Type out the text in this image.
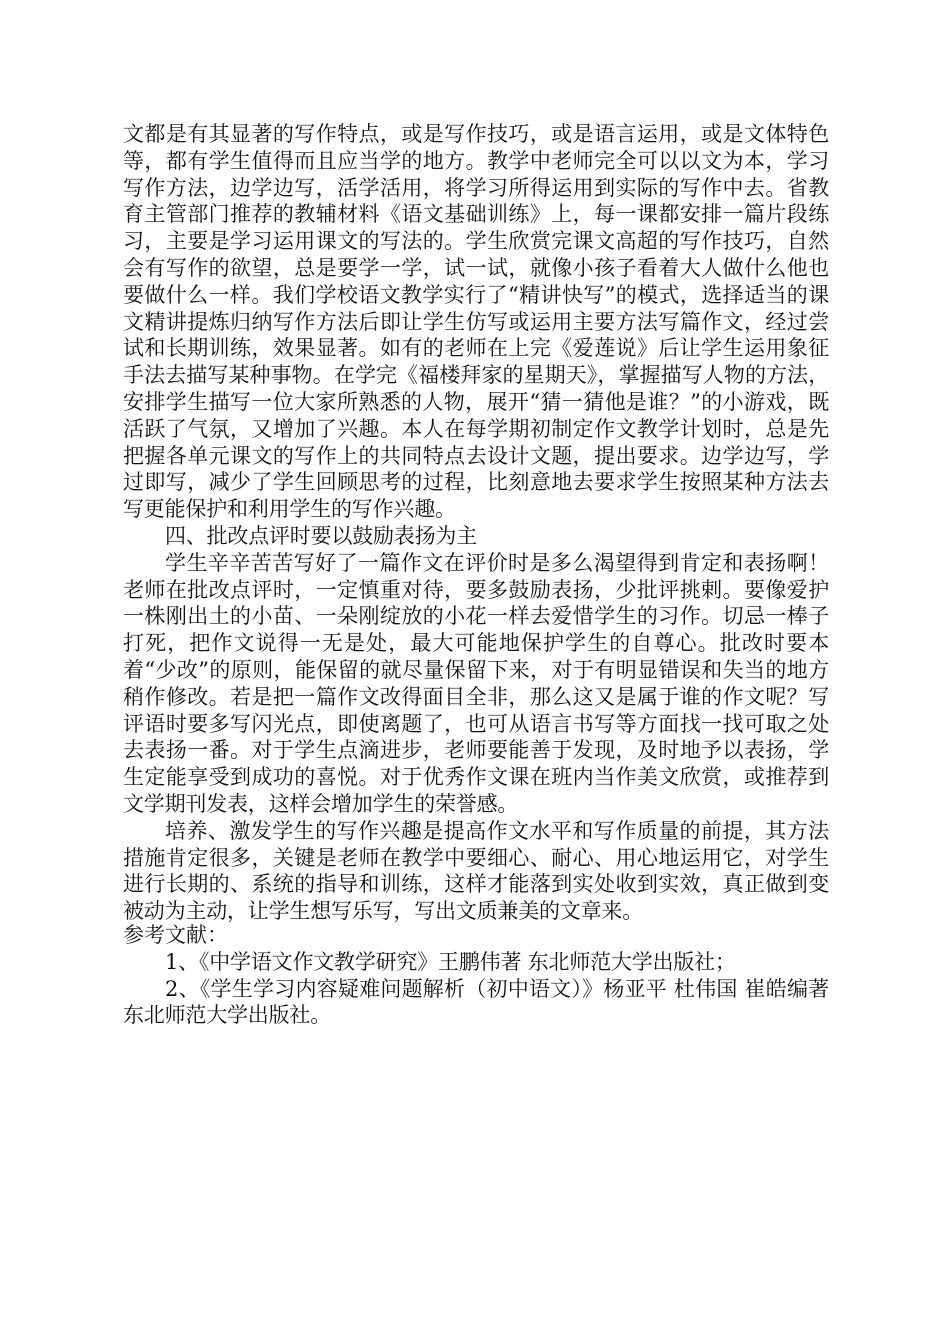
文都是有其显著的写作特点，或是写作技巧，或是语言运用，或是文体特色等，都有学生值得而且应当学的地方。教学中老师完全可以以文为本，学习写作方法，边学边写，活学活用，将学习所得运用到实际的写作中去。省教育主管部门推荐的教辅材料《语文基础训练》上，每一课都安排一篇片段练习，主要是学习运用课文的写法的。学生欣赏完课文高超的写作技巧，自然会有写作的欲望，总是要学一学，试一试，就像小孩子看着大人做什么他也要做什么一样。我们学校语文教学实行了“精讲快写”的模式，选择适当的课文精讲提炼归纳写作方法后即让学生仿写或运用主要方法写篇作文，经过尝试和长期训练，效果显著。如有的老师在上完《爱莲说》后让学生运用象征手法去描写某种事物。在学完《福楼拜家的星期天》，掌握描写人物的方法，安排学生描写一位大家所熟悉的人物，展开“猜一猜他是谁？”的小游戏，既活跃了气氛，又增加了兴趣。本人在每学期初制定作文教学计划时，总是先把握各单元课文的写作上的共同特点去设计文题，提出要求。边学边写，学过即写，减少了学生回顾思考的过程，比刻意地去要求学生按照某种方法去写更能保护和利用学生的写作兴趣。

四、批改点评时要以鼓励表扬为主

学生辛辛苦苦写好了一篇作文在评价时是多么渴望得到肯定和表扬啊！老师在批改点评时，一定慎重对待，要多鼓励表扬，少批评挑剌。要像爱护一株刚出土的小苗、一朵刚绽放的小花一样去爱惜学生的习作。切忌一棒子打死，把作文说得一无是处，最大可能地保护学生的自尊心。批改时要本着“少改”的原则，能保留的就尽量保留下来，对于有明显错误和失当的地方稍作修改。若是把一篇作文改得面目全非，那么这又是属于谁的作文呢？写评语时要多写闪光点，即使离题了，也可从语言书写等方面找一找可取之处去表扬一番。对于学生点滴进步，老师要能善于发现，及时地予以表扬，学生定能享受到成功的喜悦。对于优秀作文课在班内当作美文欣赏，或推荐到文学期刊发表，这样会增加学生的荣誉感。

培养、激发学生的写作兴趣是提高作文水平和写作质量的前提，其方法措施肯定很多，关键是老师在教学中要细心、耐心、用心地运用它，对学生进行长期的、系统的指导和训练，这样才能落到实处收到实效，真正做到变被动为主动，让学生想写乐写，写出文质兼美的文章来。

参考文献：

1、《中学语文作文教学研究》王鹏伟著 东北师范大学出版社；

2、《学生学习内容疑难问题解析（初中语文）》杨亚平 杜伟国 崔皓编著 东北师范大学出版社。
